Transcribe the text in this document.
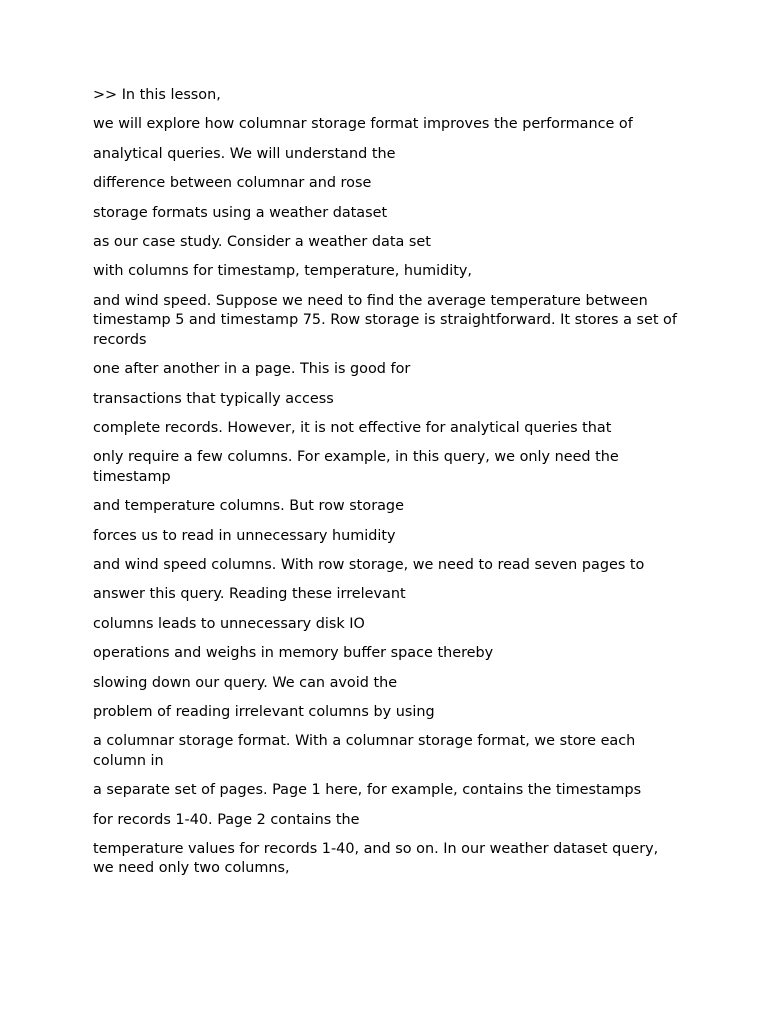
>> In this lesson,

we will explore how columnar storage format improves the performance of

analytical queries. We will understand the

difference between columnar and rose

storage formats using a weather dataset

as our case study. Consider a weather data set

with columns for timestamp, temperature, humidity,

and wind speed. Suppose we need to find the average temperature between timestamp 5 and timestamp 75. Row storage is straightforward. It stores a set of records

one after another in a page. This is good for

transactions that typically access

complete records. However, it is not effective for analytical queries that

only require a few columns. For example, in this query, we only need the timestamp

and temperature columns. But row storage

forces us to read in unnecessary humidity

and wind speed columns. With row storage, we need to read seven pages to

answer this query. Reading these irrelevant

columns leads to unnecessary disk IO

operations and weighs in memory buffer space thereby

slowing down our query. We can avoid the

problem of reading irrelevant columns by using

a columnar storage format. With a columnar storage format, we store each column in

a separate set of pages. Page 1 here, for example, contains the timestamps

for records 1-40. Page 2 contains the

temperature values for records 1-40, and so on. In our weather dataset query, we need only two columns,
